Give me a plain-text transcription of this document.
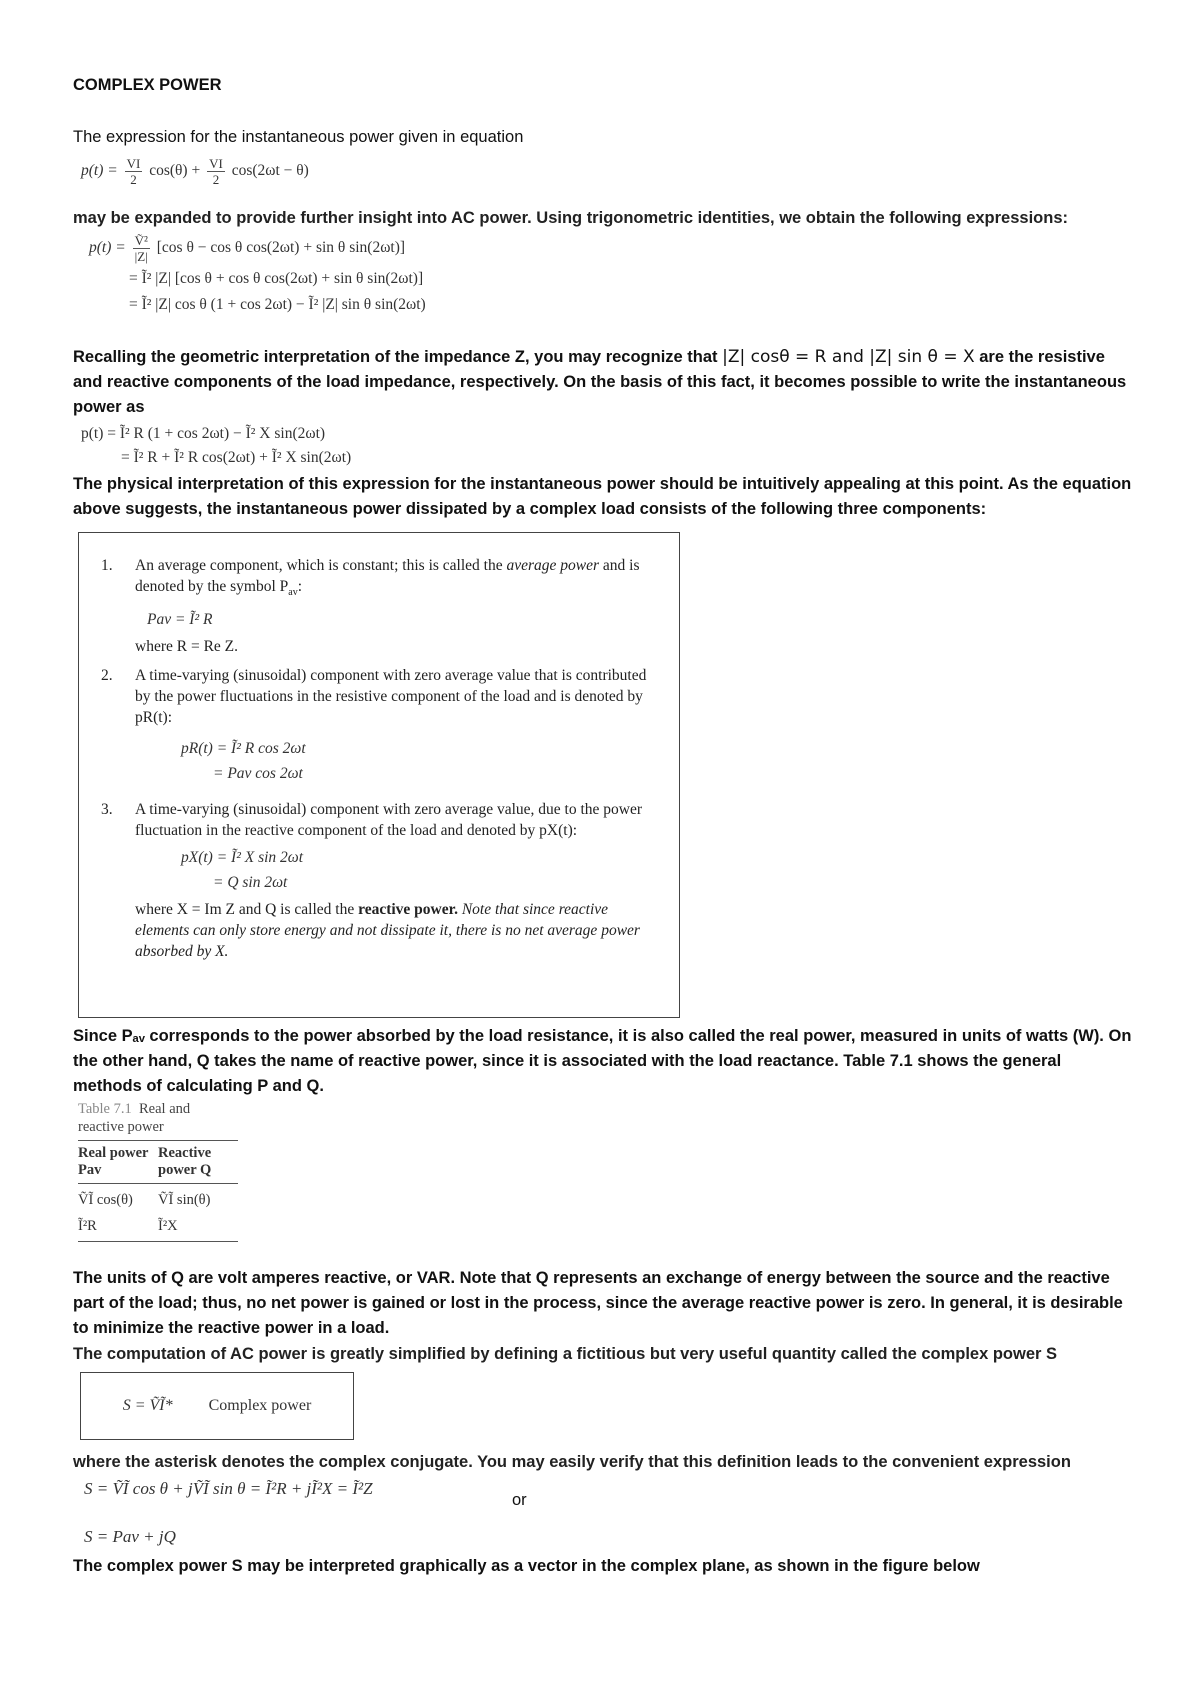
COMPLEX POWER

The expression for the instantaneous power given in equation

$p(t) = \frac{VI}{2} \cos(\theta) + \frac{VI}{2} \cos(2\omega t - \theta)$

may be expanded to provide further insight into AC power. Using trigonometric identities, we obtain the following expressions:

$p(t) = \frac{\text{Ṽ²}}{|Z|} [\cos$ θ − cos θ cos(2ωt) + sin θ sin(2ωt)]
= Ĩ² |Z| [cos θ + cos θ cos(2ωt) + sin θ sin(2ωt)]
= Ĩ² |Z| cos θ (1 + cos 2ωt) − Ĩ² |Z| sin θ sin(2ωt)

Recalling the geometric interpretation of the impedance Z, you may recognize that |Z| cosθ = R and |Z| sin θ = X are the resistive and reactive components of the load impedance, respectively. On the basis of this fact, it becomes possible to write the instantaneous power as

p(t) = Ĩ² R (1 + cos 2ωt) − Ĩ² X sin(2ωt)
= Ĩ² R + Ĩ² R cos(2ωt) + Ĩ² X sin(2ωt)

The physical interpretation of this expression for the instantaneous power should be intuitively appealing at this point. As the equation above suggests, the instantaneous power dissipated by a complex load consists of the following three components:

1.	An average component, which is constant; this is called the average power and is denoted by the symbol $P_{av}$:
Pav = Ĩ² R
where R = Re Z.
2.	A time-varying (sinusoidal) component with zero average value that is contributed by the power fluctuations in the resistive component of the load and is denoted by pR(t):
pR(t) = Ĩ² R cos 2ωt
= Pav cos 2ωt
3.	A time-varying (sinusoidal) component with zero average value, due to the power fluctuation in the reactive component of the load and denoted by pX(t):
pX(t) = Ĩ² X sin 2ωt
= Q sin 2ωt
where X = Im Z and Q is called the reactive power. Note that since reactive elements can only store energy and not dissipate it, there is no net average power absorbed by X.

Since Pₐᵥ corresponds to the power absorbed by the load resistance, it is also called the real power, measured in units of watts (W). On the other hand, Q takes the name of reactive power, since it is associated with the load reactance. Table 7.1 shows the general methods of calculating P and Q.

Table 7.1 Real and reactive power
Real power Pav	Reactive power Q
ṼĨ cos(θ)	ṼĨ sin(θ)
Ĩ²R	Ĩ²X

The units of Q are volt amperes reactive, or VAR. Note that Q represents an exchange of energy between the source and the reactive part of the load; thus, no net power is gained or lost in the process, since the average reactive power is zero. In general, it is desirable to minimize the reactive power in a load.

The computation of AC power is greatly simplified by defining a fictitious but very useful quantity called the complex power S

S = ṼĨ* Complex power

where the asterisk denotes the complex conjugate. You may easily verify that this definition leads to the convenient expression

S = ṼĨ cos θ + jṼĨ sin θ = Ĩ²R + jĨ²X = Ĩ²Z
or
S = Pav + jQ

The complex power S may be interpreted graphically as a vector in the complex plane, as shown in the figure below
